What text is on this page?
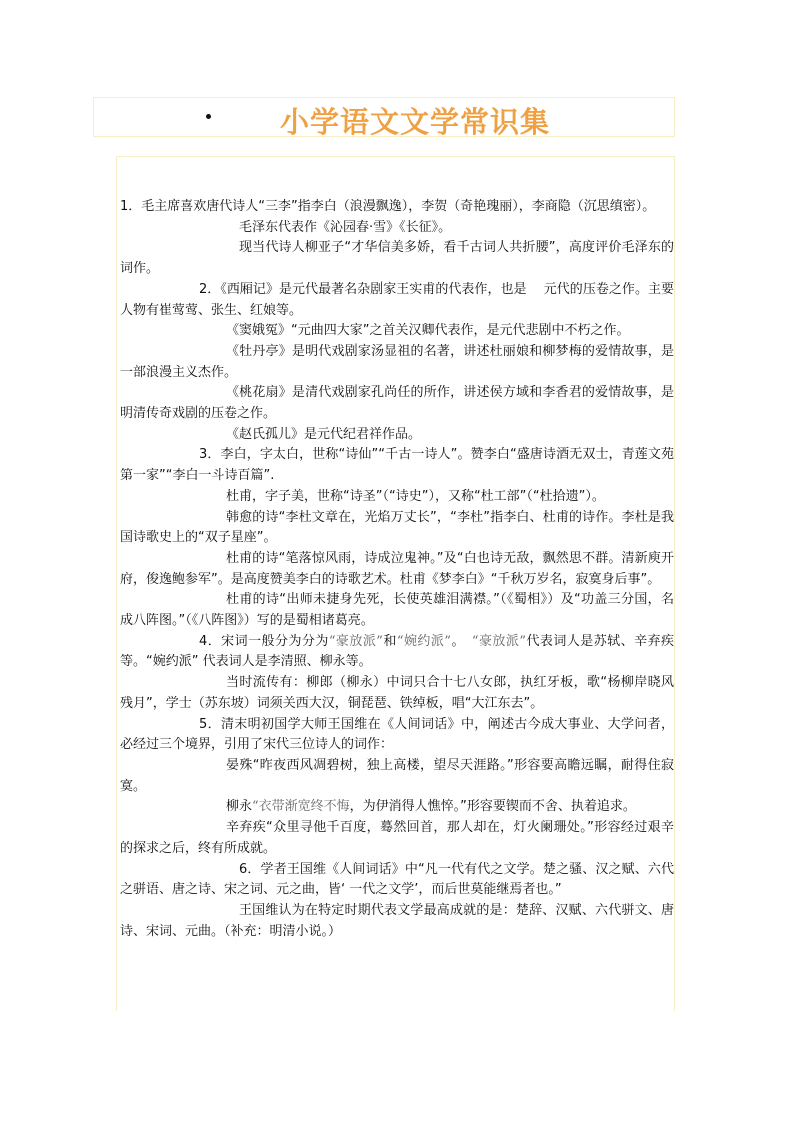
小学语文文学常识集

1．毛主席喜欢唐代诗人“三李”指李白（浪漫飘逸），李贺（奇艳瑰丽），李商隐（沉思缜密）。

毛泽东代表作《沁园春·雪》《长征》。

现当代诗人柳亚子“才华信美多娇，看千古词人共折腰”，高度评价毛泽东的词作。

2．《西厢记》是元代最著名杂剧家王实甫的代表作，也是　 元代的压卷之作。主要人物有崔莺莺、张生、红娘等。

《窦娥冤》“元曲四大家”之首关汉卿代表作，是元代悲剧中不朽之作。

《牡丹亭》是明代戏剧家汤显祖的名著，讲述杜丽娘和柳梦梅的爱情故事，是一部浪漫主义杰作。

《桃花扇》是清代戏剧家孔尚任的所作，讲述侯方域和李香君的爱情故事，是明清传奇戏剧的压卷之作。

《赵氏孤儿》是元代纪君祥作品。

3．李白，字太白，世称“诗仙”“千古一诗人”。赞李白“盛唐诗酒无双士，青莲文苑第一家”“李白一斗诗百篇”.

杜甫，字子美，世称“诗圣”（“诗史”），又称“杜工部”（“杜拾遗”）。

韩愈的诗“李杜文章在，光焰万丈长”，“李杜”指李白、杜甫的诗作。李杜是我国诗歌史上的“双子星座”。

杜甫的诗“笔落惊风雨，诗成泣鬼神。”及“白也诗无敌，飘然思不群。清新庾开府，俊逸鲍参军”。是高度赞美李白的诗歌艺术。杜甫《梦李白》“千秋万岁名，寂寞身后事”。

杜甫的诗“出师未捷身先死，长使英雄泪满襟。”（《蜀相》）及“功盖三分国，名成八阵图。”（《八阵图》）写的是蜀相诸葛亮。

4．宋词一般分为分为“豪放派”和“婉约派”。　“豪放派”代表词人是苏轼、辛弃疾等。“婉约派” 代表词人是李清照、柳永等。

当时流传有：柳郎（柳永）中词只合十七八女郎，执红牙板，歌“杨柳岸晓风残月”，学士（苏东坡）词须关西大汉，铜琵琶、铁绰板，唱“大江东去”。

5．清末明初国学大师王国维在《人间词话》中，阐述古今成大事业、大学问者，必经过三个境界，引用了宋代三位诗人的词作：

晏殊“昨夜西风凋碧树，独上高楼，望尽天涯路。”形容要高瞻远瞩，耐得住寂寞。

柳永“衣带渐宽终不悔，为伊消得人憔悴。”形容要锲而不舍、执着追求。

辛弃疾“众里寻他千百度，蓦然回首，那人却在，灯火阑珊处。”形容经过艰辛的探求之后，终有所成就。

6．学者王国维《人间词话》中“凡一代有代之文学。楚之骚、汉之赋、六代之骈语、唐之诗、宋之词、元之曲，皆‘ 一代之文学’，而后世莫能继焉者也。”

王国维认为在特定时期代表文学最高成就的是：楚辞、汉赋、六代骈文、唐诗、宋词、元曲。（补充：明清小说。）
